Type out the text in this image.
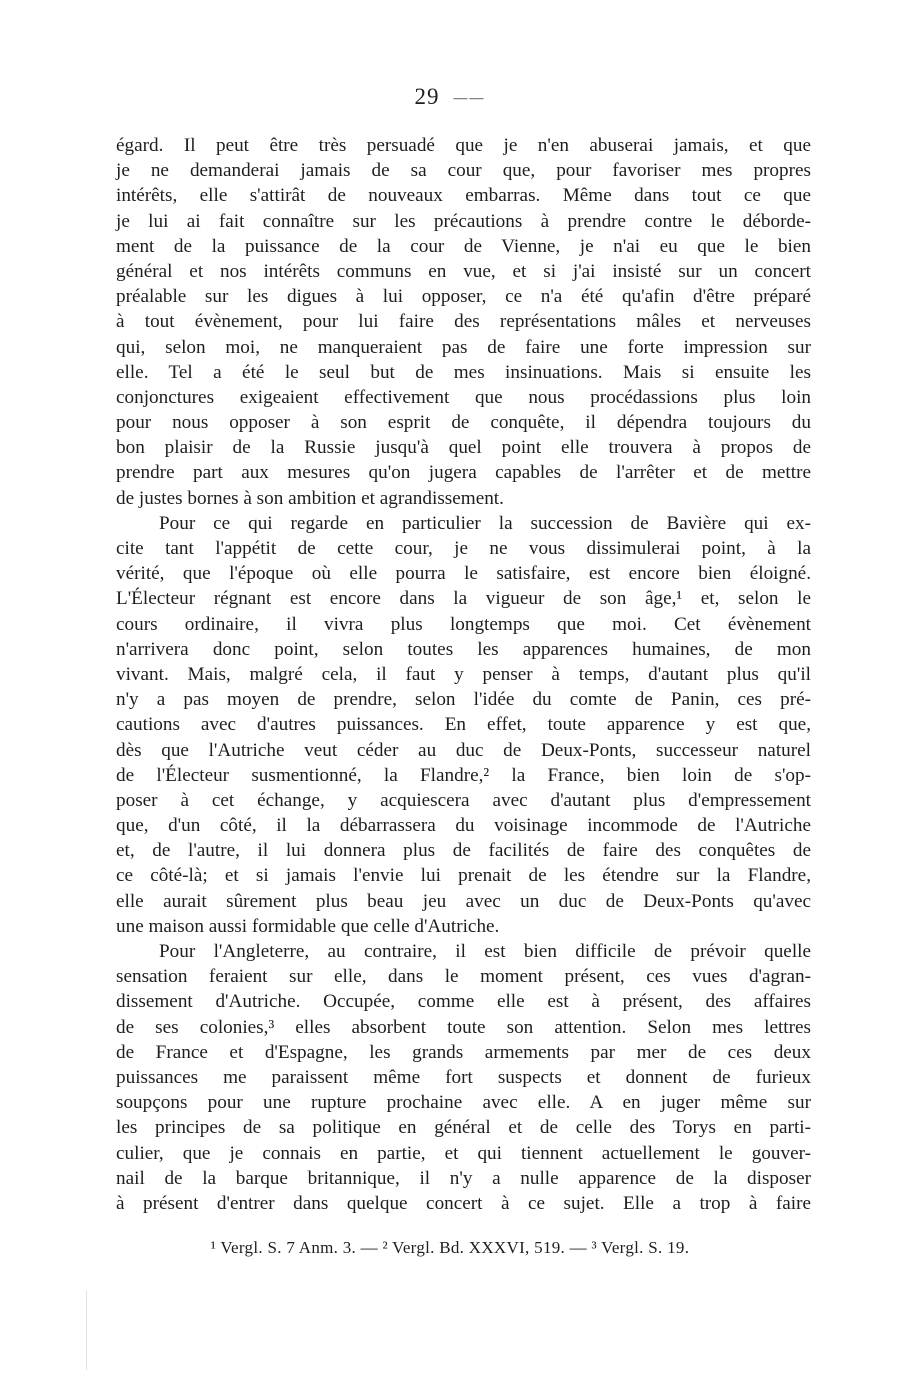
29 ——
égard. Il peut être très persuadé que je n'en abuserai jamais, et que
je ne demanderai jamais de sa cour que, pour favoriser mes propres
intérêts, elle s'attirât de nouveaux embarras. Même dans tout ce que
je lui ai fait connaître sur les précautions à prendre contre le déborde-
ment de la puissance de la cour de Vienne, je n'ai eu que le bien
général et nos intérêts communs en vue, et si j'ai insisté sur un concert
préalable sur les digues à lui opposer, ce n'a été qu'afin d'être préparé
à tout évènement, pour lui faire des représentations mâles et nerveuses
qui, selon moi, ne manqueraient pas de faire une forte impression sur
elle. Tel a été le seul but de mes insinuations. Mais si ensuite les
conjonctures exigeaient effectivement que nous procédassions plus loin
pour nous opposer à son esprit de conquête, il dépendra toujours du
bon plaisir de la Russie jusqu'à quel point elle trouvera à propos de
prendre part aux mesures qu'on jugera capables de l'arrêter et de mettre
de justes bornes à son ambition et agrandissement.
Pour ce qui regarde en particulier la succession de Bavière qui ex-
cite tant l'appétit de cette cour, je ne vous dissimulerai point, à la
vérité, que l'époque où elle pourra le satisfaire, est encore bien éloigné.
L'Électeur régnant est encore dans la vigueur de son âge,¹ et, selon le
cours ordinaire, il vivra plus longtemps que moi. Cet évènement
n'arrivera donc point, selon toutes les apparences humaines, de mon
vivant. Mais, malgré cela, il faut y penser à temps, d'autant plus qu'il
n'y a pas moyen de prendre, selon l'idée du comte de Panin, ces pré-
cautions avec d'autres puissances. En effet, toute apparence y est que,
dès que l'Autriche veut céder au duc de Deux-Ponts, successeur naturel
de l'Électeur susmentionné, la Flandre,² la France, bien loin de s'op-
poser à cet échange, y acquiescera avec d'autant plus d'empressement
que, d'un côté, il la débarrassera du voisinage incommode de l'Autriche
et, de l'autre, il lui donnera plus de facilités de faire des conquêtes de
ce côté-là; et si jamais l'envie lui prenait de les étendre sur la Flandre,
elle aurait sûrement plus beau jeu avec un duc de Deux-Ponts qu'avec
une maison aussi formidable que celle d'Autriche.
Pour l'Angleterre, au contraire, il est bien difficile de prévoir quelle
sensation feraient sur elle, dans le moment présent, ces vues d'agran-
dissement d'Autriche. Occupée, comme elle est à présent, des affaires
de ses colonies,³ elles absorbent toute son attention. Selon mes lettres
de France et d'Espagne, les grands armements par mer de ces deux
puissances me paraissent même fort suspects et donnent de furieux
soupçons pour une rupture prochaine avec elle. A en juger même sur
les principes de sa politique en général et de celle des Torys en parti-
culier, que je connais en partie, et qui tiennent actuellement le gouver-
nail de la barque britannique, il n'y a nulle apparence de la disposer
à présent d'entrer dans quelque concert à ce sujet. Elle a trop à faire
¹ Vergl. S. 7 Anm. 3. — ² Vergl. Bd. XXXVI, 519. — ³ Vergl. S. 19.
